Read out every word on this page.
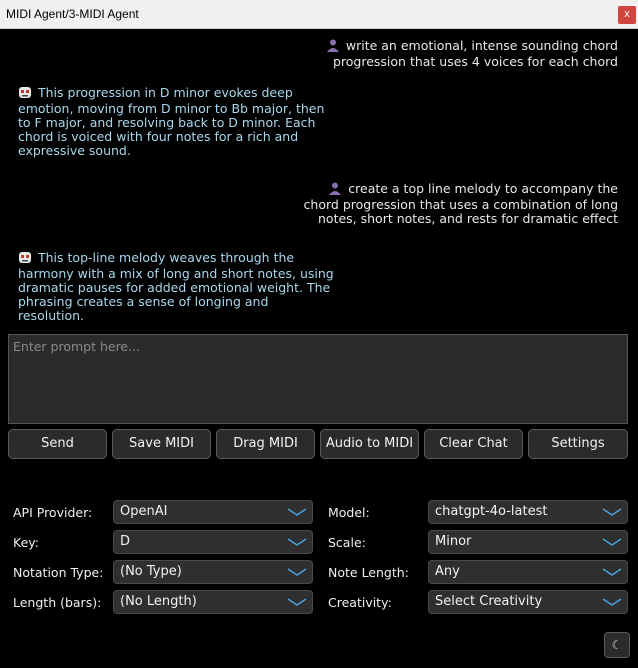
MIDI Agent/3-MIDI Agent	x
write an emotional, intense sounding chord
progression that uses 4 voices for each chord
This progression in D minor evokes deep
emotion, moving from D minor to Bb major, then
to F major, and resolving back to D minor. Each
chord is voiced with four notes for a rich and
expressive sound.
create a top line melody to accompany the
chord progression that uses a combination of long
notes, short notes, and rests for dramatic effect
This top-line melody weaves through the
harmony with a mix of long and short notes, using
dramatic pauses for added emotional weight. The
phrasing creates a sense of longing and
resolution.
Enter prompt here...
Send	Save MIDI	Drag MIDI	Audio to MIDI	Clear Chat	Settings
API Provider:	OpenAI	Model:	chatgpt-4o-latest
Key:	D	Scale:	Minor
Notation Type:	(No Type)	Note Length:	Any
Length (bars):	(No Length)	Creativity:	Select Creativity
☾
